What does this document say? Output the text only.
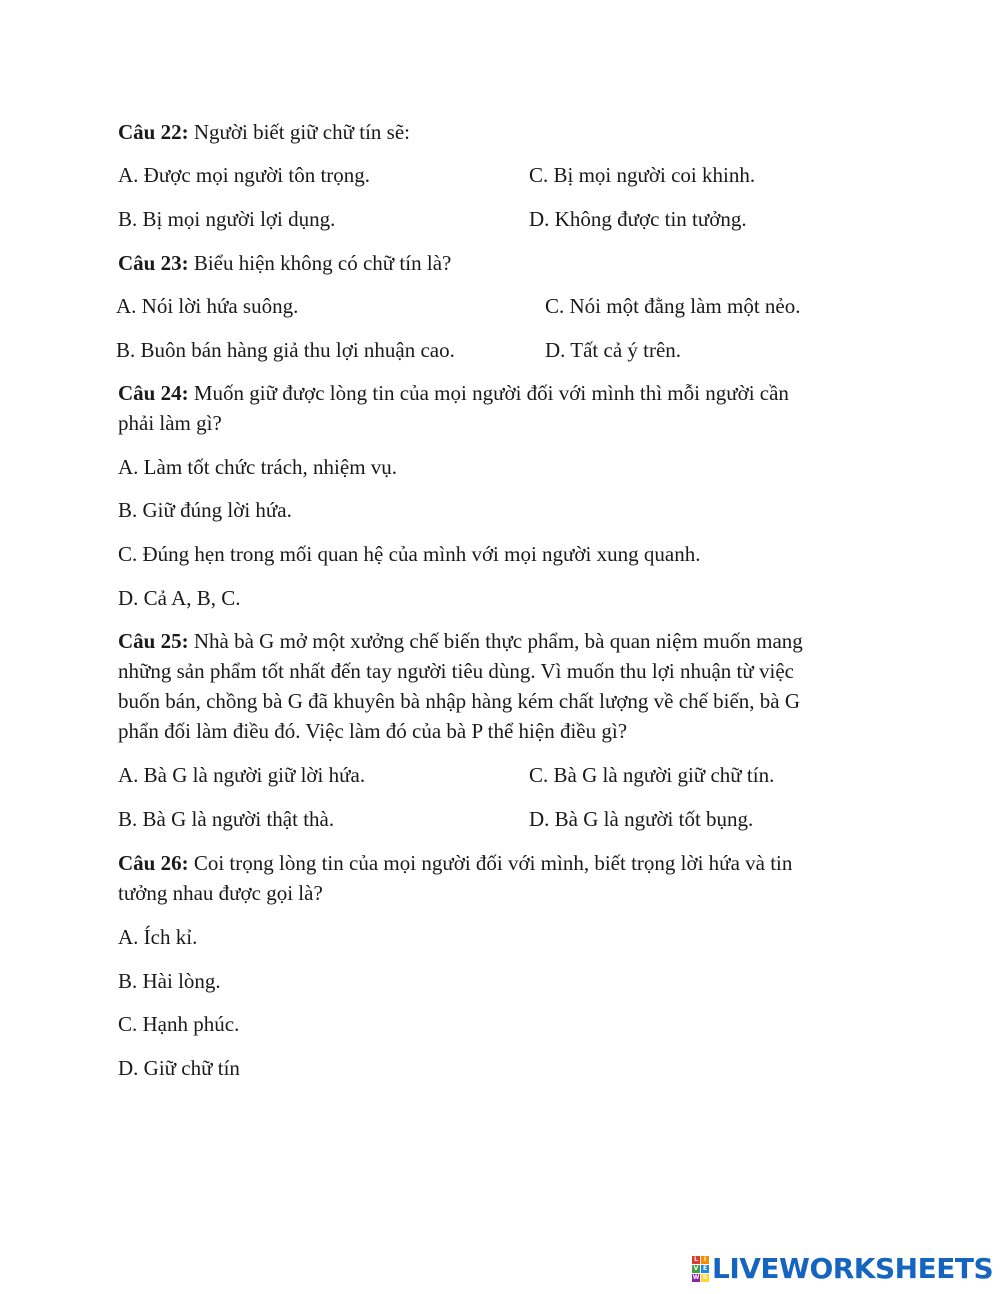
Câu 22: Người biết giữ chữ tín sẽ:
A. Được mọi người tôn trọng.	C. Bị mọi người coi khinh.
B. Bị mọi người lợi dụng.	D. Không được tin tưởng.
Câu 23: Biểu hiện không có chữ tín là?
A. Nói lời hứa suông.	C. Nói một đằng làm một nẻo.
B. Buôn bán hàng giả thu lợi nhuận cao.	D. Tất cả ý trên.
Câu 24: Muốn giữ được lòng tin của mọi người đối với mình thì mỗi người cần
phải làm gì?
A. Làm tốt chức trách, nhiệm vụ.
B. Giữ đúng lời hứa.
C. Đúng hẹn trong mối quan hệ của mình với mọi người xung quanh.
D. Cả A, B, C.
Câu 25: Nhà bà G mở một xưởng chế biến thực phẩm, bà quan niệm muốn mang
những sản phẩm tốt nhất đến tay người tiêu dùng. Vì muốn thu lợi nhuận từ việc
buốn bán, chồng bà G đã khuyên bà nhập hàng kém chất lượng về chế biến, bà G
phẩn đối làm điều đó. Việc làm đó của bà P thể hiện điều gì?
A. Bà G là người giữ lời hứa.	C. Bà G là người giữ chữ tín.
B. Bà G là người thật thà.	D. Bà G là người tốt bụng.
Câu 26: Coi trọng lòng tin của mọi người đối với mình, biết trọng lời hứa và tin
tưởng nhau được gọi là?
A. Ích kỉ.
B. Hài lòng.
C. Hạnh phúc.
D. Giữ chữ tín
L I
V E
W S LIVEWORKSHEETS
